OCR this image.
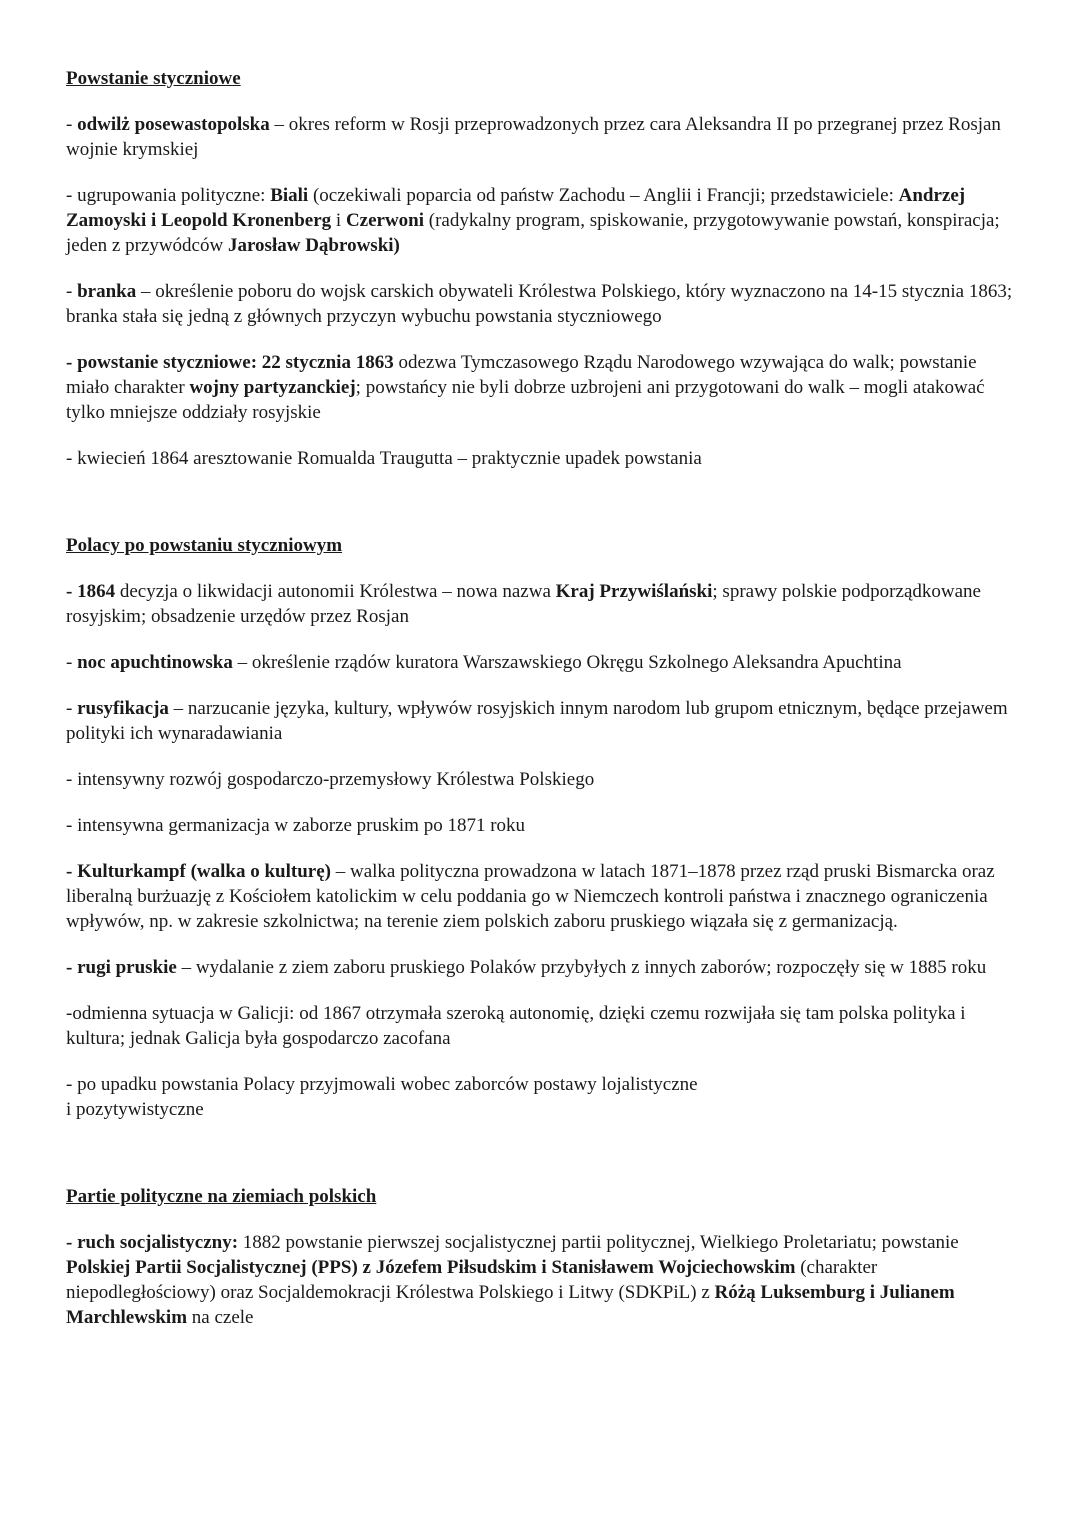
Powstanie styczniowe

- odwilż posewastopolska – okres reform w Rosji przeprowadzonych przez cara Aleksandra II po przegranej przez Rosjan wojnie krymskiej

- ugrupowania polityczne: Biali (oczekiwali poparcia od państw Zachodu – Anglii i Francji; przedstawiciele: Andrzej Zamoyski i Leopold Kronenberg i Czerwoni (radykalny program, spiskowanie, przygotowywanie powstań, konspiracja; jeden z przywódców Jarosław Dąbrowski)

- branka – określenie poboru do wojsk carskich obywateli Królestwa Polskiego, który wyznaczono na 14-15 stycznia 1863; branka stała się jedną z głównych przyczyn wybuchu powstania styczniowego

- powstanie styczniowe: 22 stycznia 1863 odezwa Tymczasowego Rządu Narodowego wzywająca do walk; powstanie miało charakter wojny partyzanckiej; powstańcy nie byli dobrze uzbrojeni ani przygotowani do walk – mogli atakować tylko mniejsze oddziały rosyjskie

- kwiecień 1864 aresztowanie Romualda Traugutta – praktycznie upadek powstania

Polacy po powstaniu styczniowym

- 1864 decyzja o likwidacji autonomii Królestwa – nowa nazwa Kraj Przywiślański; sprawy polskie podporządkowane rosyjskim; obsadzenie urzędów przez Rosjan

- noc apuchtinowska – określenie rządów kuratora Warszawskiego Okręgu Szkolnego Aleksandra Apuchtina

- rusyfikacja – narzucanie języka, kultury, wpływów rosyjskich innym narodom lub grupom etnicznym, będące przejawem polityki ich wynaradawiania

- intensywny rozwój gospodarczo-przemysłowy Królestwa Polskiego

- intensywna germanizacja w zaborze pruskim po 1871 roku

- Kulturkampf (walka o kulturę) – walka polityczna prowadzona w latach 1871–1878 przez rząd pruski Bismarcka oraz liberalną burżuazję z Kościołem katolickim w celu poddania go w Niemczech kontroli państwa i znacznego ograniczenia wpływów, np. w zakresie szkolnictwa; na terenie ziem polskich zaboru pruskiego wiązała się z germanizacją.

- rugi pruskie – wydalanie z ziem zaboru pruskiego Polaków przybyłych z innych zaborów; rozpoczęły się w 1885 roku

-odmienna sytuacja w Galicji: od 1867 otrzymała szeroką autonomię, dzięki czemu rozwijała się tam polska polityka i kultura; jednak Galicja była gospodarczo zacofana

- po upadku powstania Polacy przyjmowali wobec zaborców postawy lojalistyczne
i pozytywistyczne

Partie polityczne na ziemiach polskich

- ruch socjalistyczny: 1882 powstanie pierwszej socjalistycznej partii politycznej, Wielkiego Proletariatu; powstanie Polskiej Partii Socjalistycznej (PPS) z Józefem Piłsudskim i Stanisławem Wojciechowskim (charakter niepodległościowy) oraz Socjaldemokracji Królestwa Polskiego i Litwy (SDKPiL) z Różą Luksemburg i Julianem Marchlewskim na czele
